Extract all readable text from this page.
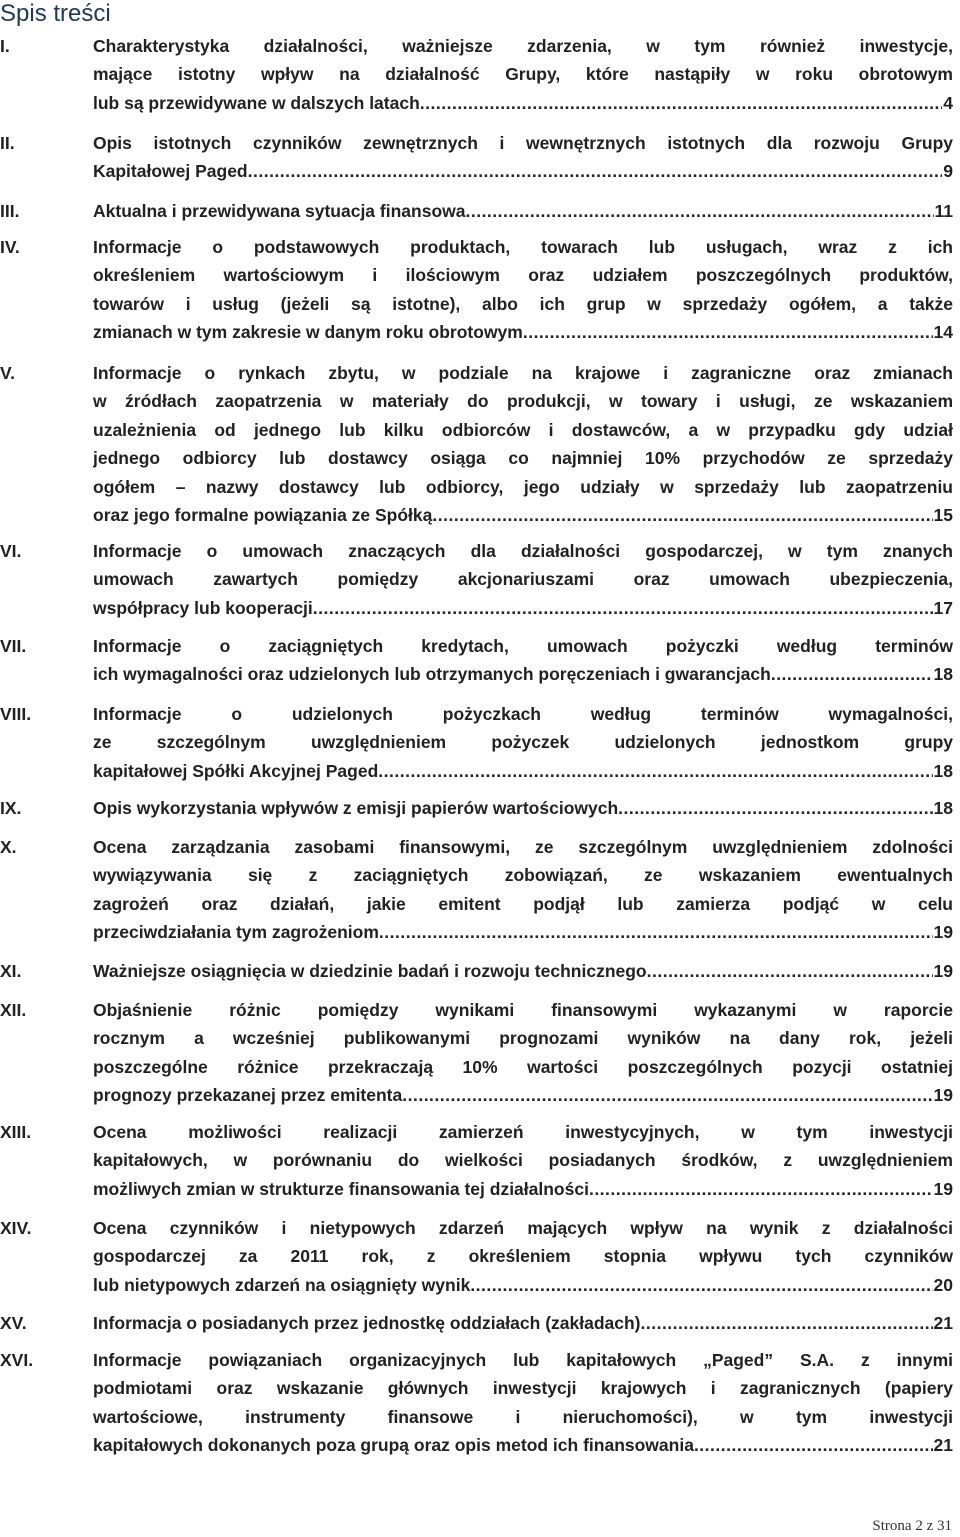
Spis treści
I.	Charakterystyka działalności, ważniejsze zdarzenia, w tym również inwestycje,
mające istotny wpływ na działalność Grupy, które nastąpiły w roku obrotowym
lub są przewidywane w dalszych latach .....	4
II.	Opis istotnych czynników zewnętrznych i wewnętrznych istotnych dla rozwoju Grupy
Kapitałowej Paged .....	9
III.	Aktualna i przewidywana sytuacja finansowa .....	11
IV.	Informacje o podstawowych produktach, towarach lub usługach, wraz z ich
określeniem wartościowym i ilościowym oraz udziałem poszczególnych produktów,
towarów i usług (jeżeli są istotne), albo ich grup w sprzedaży ogółem, a także
zmianach w tym zakresie w danym roku obrotowym .....	14
V.	Informacje o rynkach zbytu, w podziale na krajowe i zagraniczne oraz zmianach
w źródłach zaopatrzenia w materiały do produkcji, w towary i usługi, ze wskazaniem
uzależnienia od jednego lub kilku odbiorców i dostawców, a w przypadku gdy udział
jednego odbiorcy lub dostawcy osiąga co najmniej 10% przychodów ze sprzedaży
ogółem – nazwy dostawcy lub odbiorcy, jego udziały w sprzedaży lub zaopatrzeniu
oraz jego formalne powiązania ze Spółką .....	15
VI.	Informacje o umowach znaczących dla działalności gospodarczej, w tym znanych
umowach zawartych pomiędzy akcjonariuszami oraz umowach ubezpieczenia,
współpracy lub kooperacji .....	17
VII.	Informacje o zaciągniętych kredytach, umowach pożyczki według terminów
ich wymagalności oraz udzielonych lub otrzymanych poręczeniach i gwarancjach .....	18
VIII.	Informacje o udzielonych pożyczkach według terminów wymagalności,
ze szczególnym uwzględnieniem pożyczek udzielonych jednostkom grupy
kapitałowej Spółki Akcyjnej Paged .....	18
IX.	Opis wykorzystania wpływów z emisji papierów wartościowych .....	18
X.	Ocena zarządzania zasobami finansowymi, ze szczególnym uwzględnieniem zdolności
wywiązywania się z zaciągniętych zobowiązań, ze wskazaniem ewentualnych
zagrożeń oraz działań, jakie emitent podjął lub zamierza podjąć w celu
przeciwdziałania tym zagrożeniom .....	19
XI.	Ważniejsze osiągnięcia w dziedzinie badań i rozwoju technicznego .....	19
XII.	Objaśnienie różnic pomiędzy wynikami finansowymi wykazanymi w raporcie
rocznym a wcześniej publikowanymi prognozami wyników na dany rok, jeżeli
poszczególne różnice przekraczają 10% wartości poszczególnych pozycji ostatniej
prognozy przekazanej przez emitenta .....	19
XIII.	Ocena możliwości realizacji zamierzeń inwestycyjnych, w tym inwestycji
kapitałowych, w porównaniu do wielkości posiadanych środków, z uwzględnieniem
możliwych zmian w strukturze finansowania tej działalności .....	19
XIV.	Ocena czynników i nietypowych zdarzeń mających wpływ na wynik z działalności
gospodarczej za 2011 rok, z określeniem stopnia wpływu tych czynników
lub nietypowych zdarzeń na osiągnięty wynik .....	20
XV.	Informacja o posiadanych przez jednostkę oddziałach (zakładach) .....	21
XVI.	Informacje powiązaniach organizacyjnych lub kapitałowych „Paged” S.A. z innymi
podmiotami oraz wskazanie głównych inwestycji krajowych i zagranicznych (papiery
wartościowe, instrumenty finansowe i nieruchomości), w tym inwestycji
kapitałowych dokonanych poza grupą oraz opis metod ich finansowania .....	21
Strona 2 z 31
